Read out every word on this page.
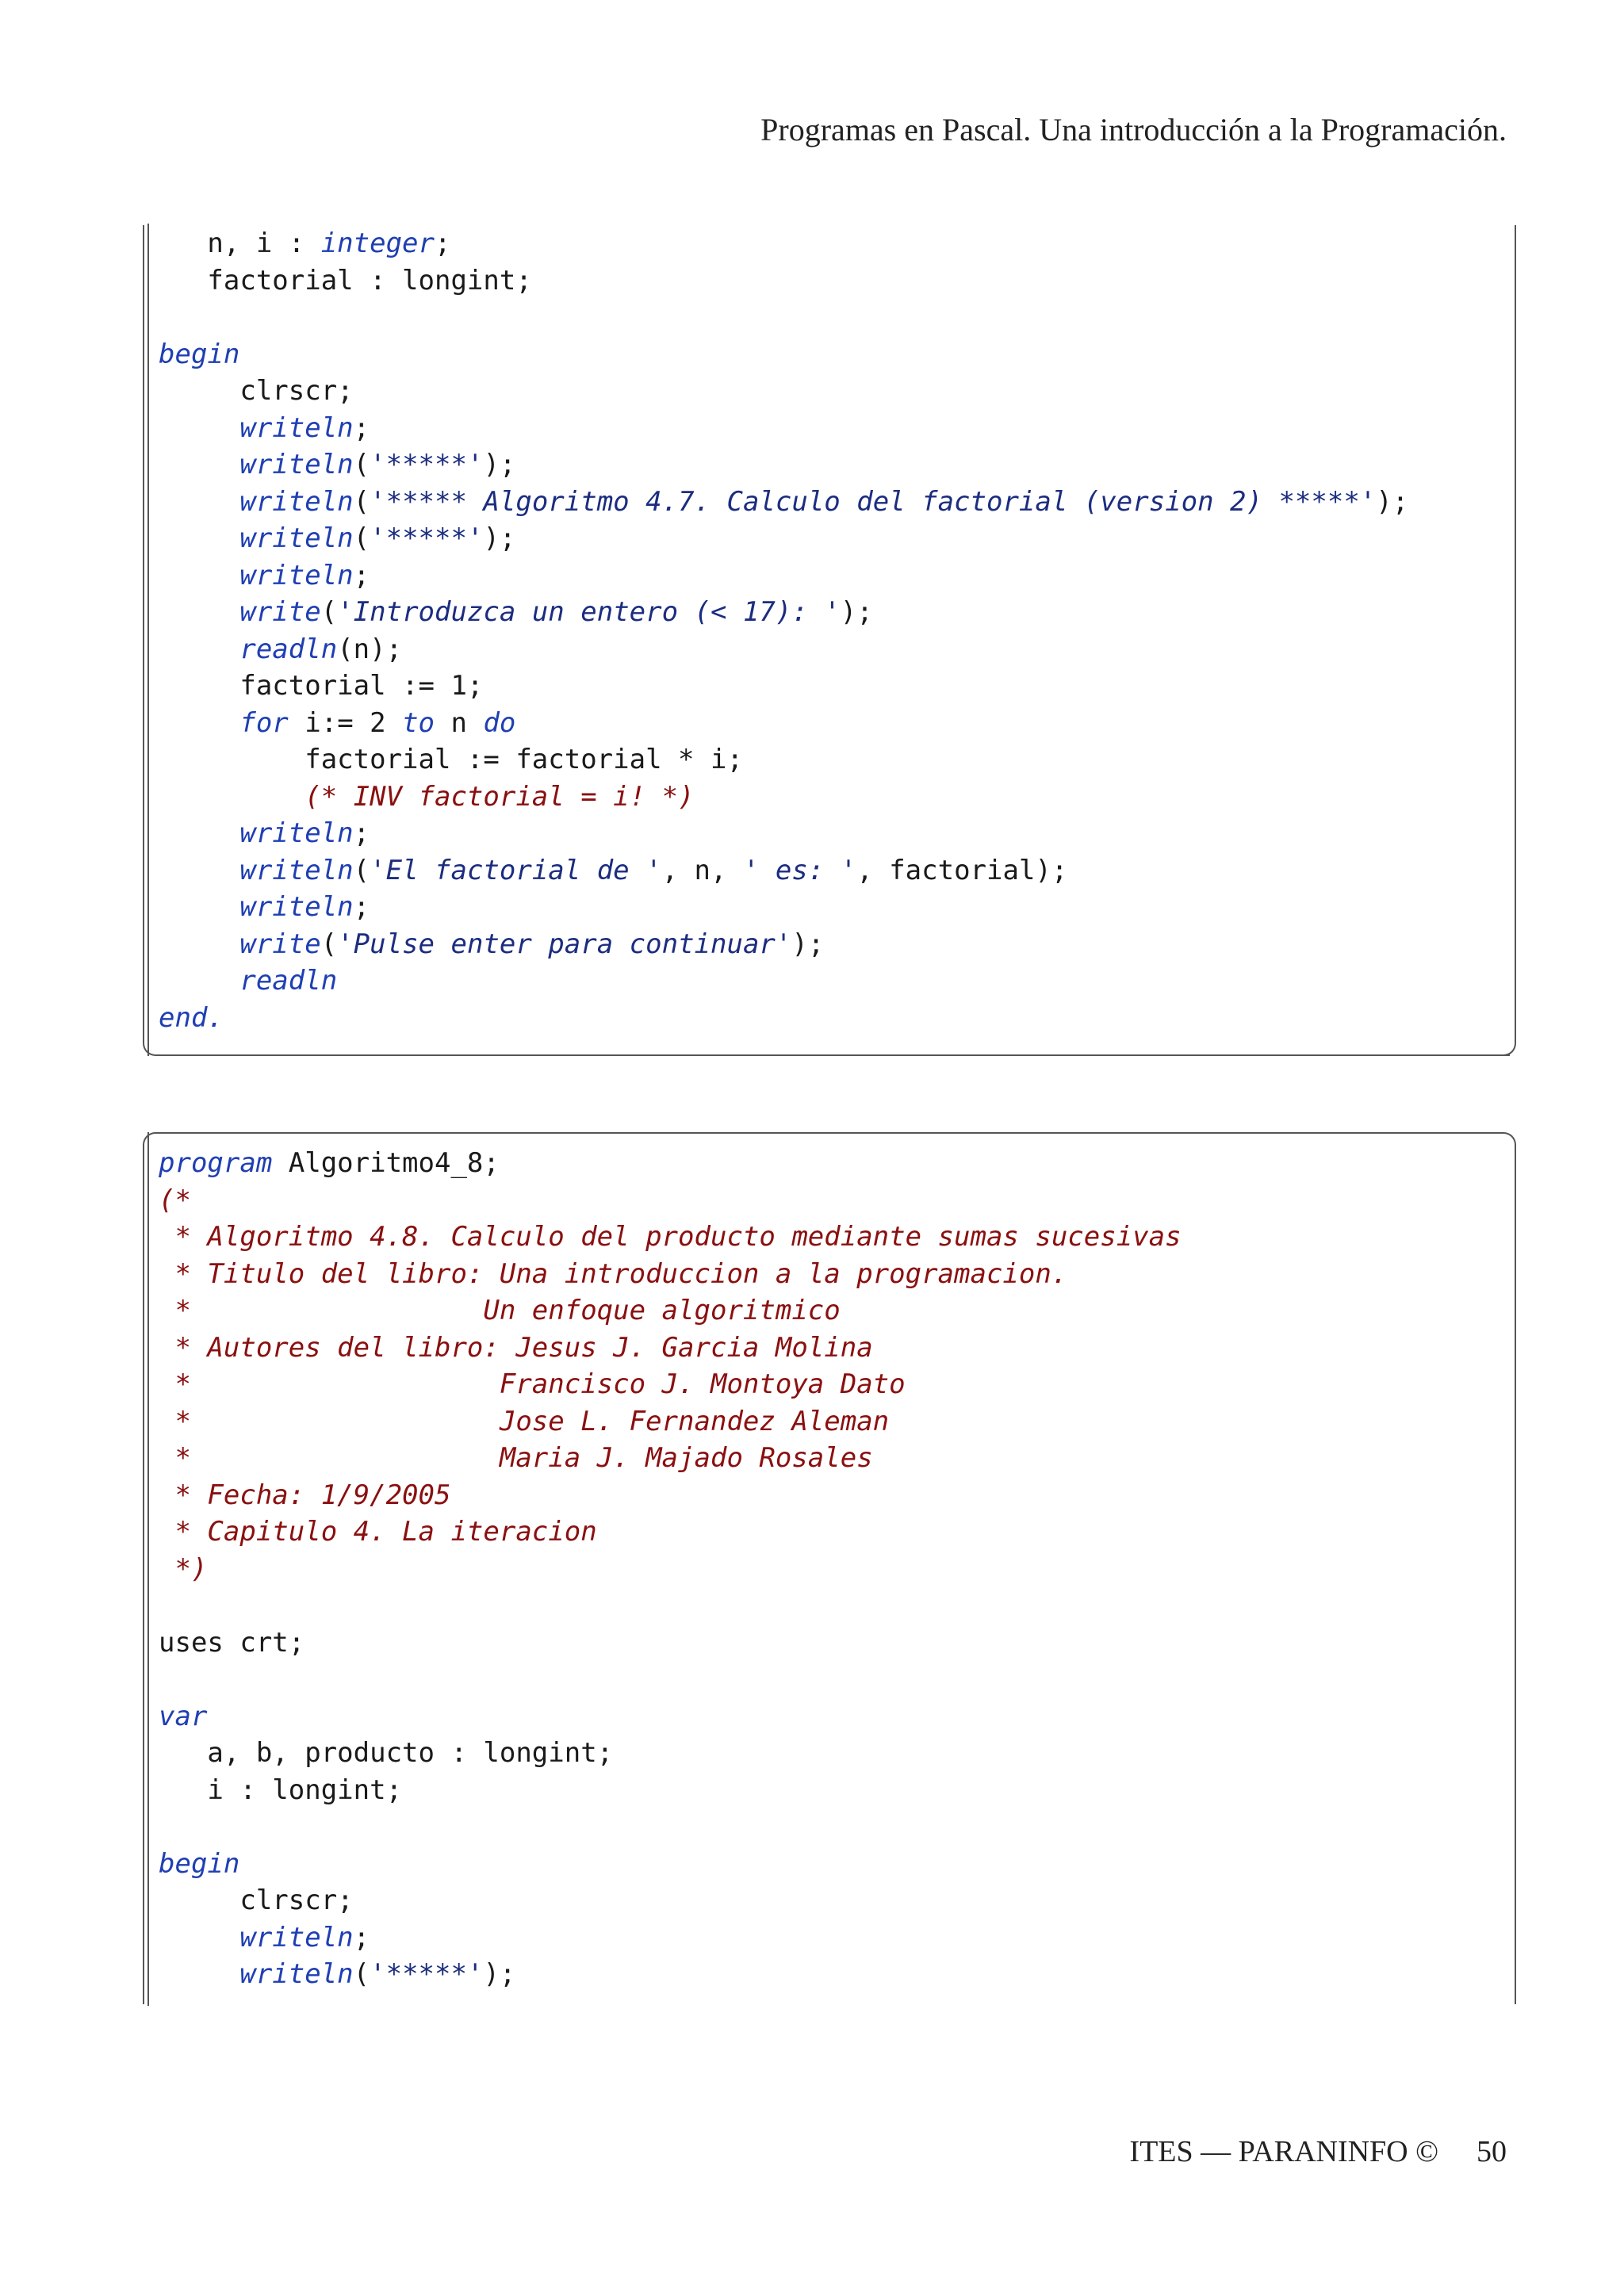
Programas en Pascal. Una introducción a la Programación.
n, i : integer;
factorial : longint;
begin
clrscr;
writeln;
writeln('*****');
writeln('***** Algoritmo 4.7. Calculo del factorial (version 2) *****');
writeln('*****');
writeln;
write('Introduzca un entero (< 17): ');
readln(n);
factorial := 1;
for i:= 2 to n do
factorial := factorial * i;
(* INV factorial = i! *)
writeln;
writeln('El factorial de ', n, ' es: ', factorial);
writeln;
write('Pulse enter para continuar');
readln
end.
program Algoritmo4_8;
(*
* Algoritmo 4.8. Calculo del producto mediante sumas sucesivas
* Titulo del libro: Una introduccion a la programacion.
*                  Un enfoque algoritmico
* Autores del libro: Jesus J. Garcia Molina
*                   Francisco J. Montoya Dato
*                   Jose L. Fernandez Aleman
*                   Maria J. Majado Rosales
* Fecha: 1/9/2005
* Capitulo 4. La iteracion
*)
uses crt;
var
a, b, producto : longint;
i : longint;
begin
clrscr;
writeln;
writeln('*****');
ITES — PARANINFO © 50
